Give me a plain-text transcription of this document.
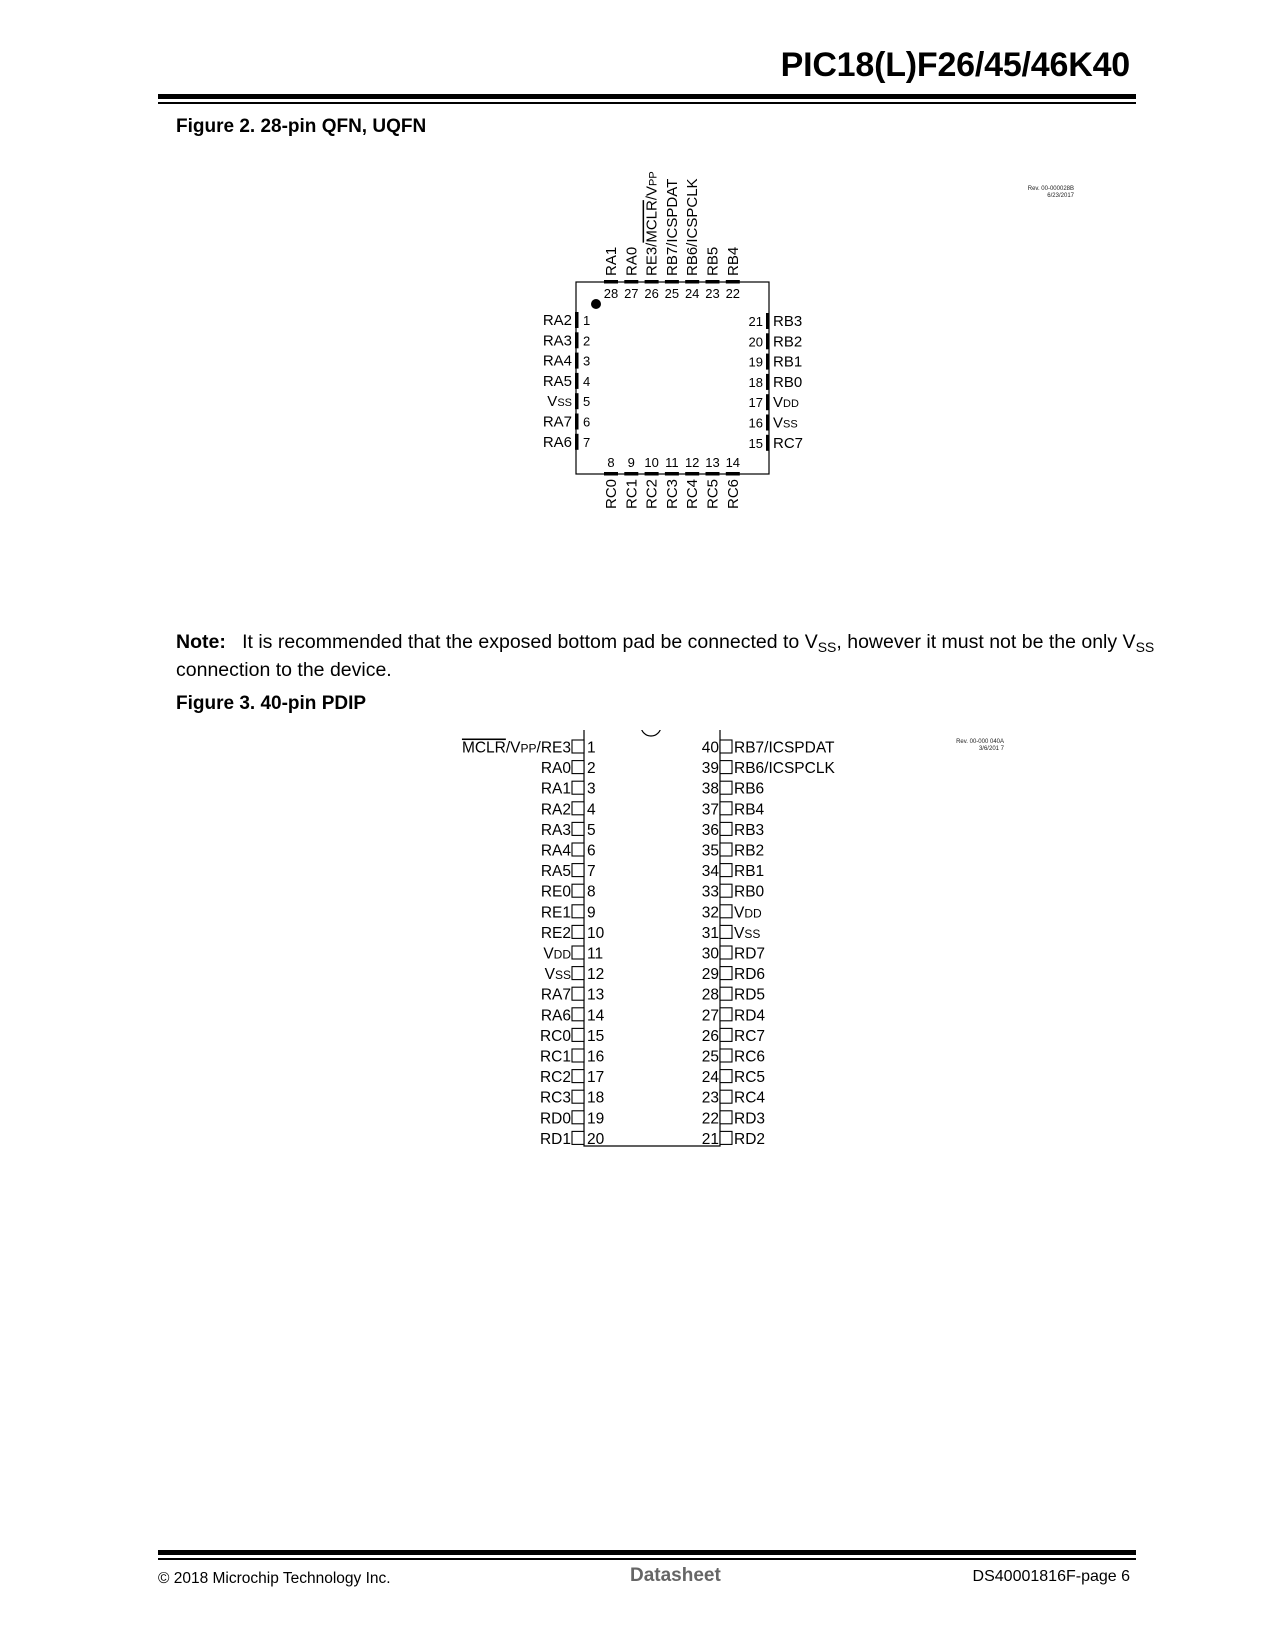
PIC18(L)F26/45/46K40
Figure 2. 28-pin QFN, UQFN
Rev. 00-000028B
6/23/2017
1
RA2
2
RA3
3
RA4
4
RA5
5
VSS
6
RA7
7
RA6
21 RB3
20 RB2
19 RB1
18 RB0
17 VDD
16 VSS
15 RC7
28
RA1
27
RA0
26
RE3/MCLR/VPP
25
RB7/ICSPDAT
24
RB6/ICSPCLK
23
RB5
22
RB4
8
RC0
9
RC1
10
RC2
11
RC3
12
RC4
13
RC5
14
RC6
Note: It is recommended that the exposed bottom pad be connected to $V_{SS}$, however it must not be the only $V_{SS}$ connection to the device.
Figure 3. 40-pin PDIP
Rev. 00-000 040A
3/6/201 7
1
MCLR/VPP/RE3
2
RA0
3
RA1
4
RA2
5
RA3
6
RA4
7
RA5
8
RE0
9
RE1
10
RE2
11
VDD
12
VSS
13
RA7
14
RA6
15
RC0
16
RC1
17
RC2
18
RC3
19
RD0
20
RD1
40 RB7/ICSPDAT
39 RB6/ICSPCLK
38 RB6
37 RB4
36 RB3
35 RB2
34 RB1
33 RB0
32 VDD
31 VSS
30 RD7
29 RD6
28 RD5
27 RD4
26 RC7
25 RC6
24 RC5
23 RC4
22 RD3
21 RD2
© 2018 Microchip Technology Inc.	Datasheet	DS40001816F-page 6
